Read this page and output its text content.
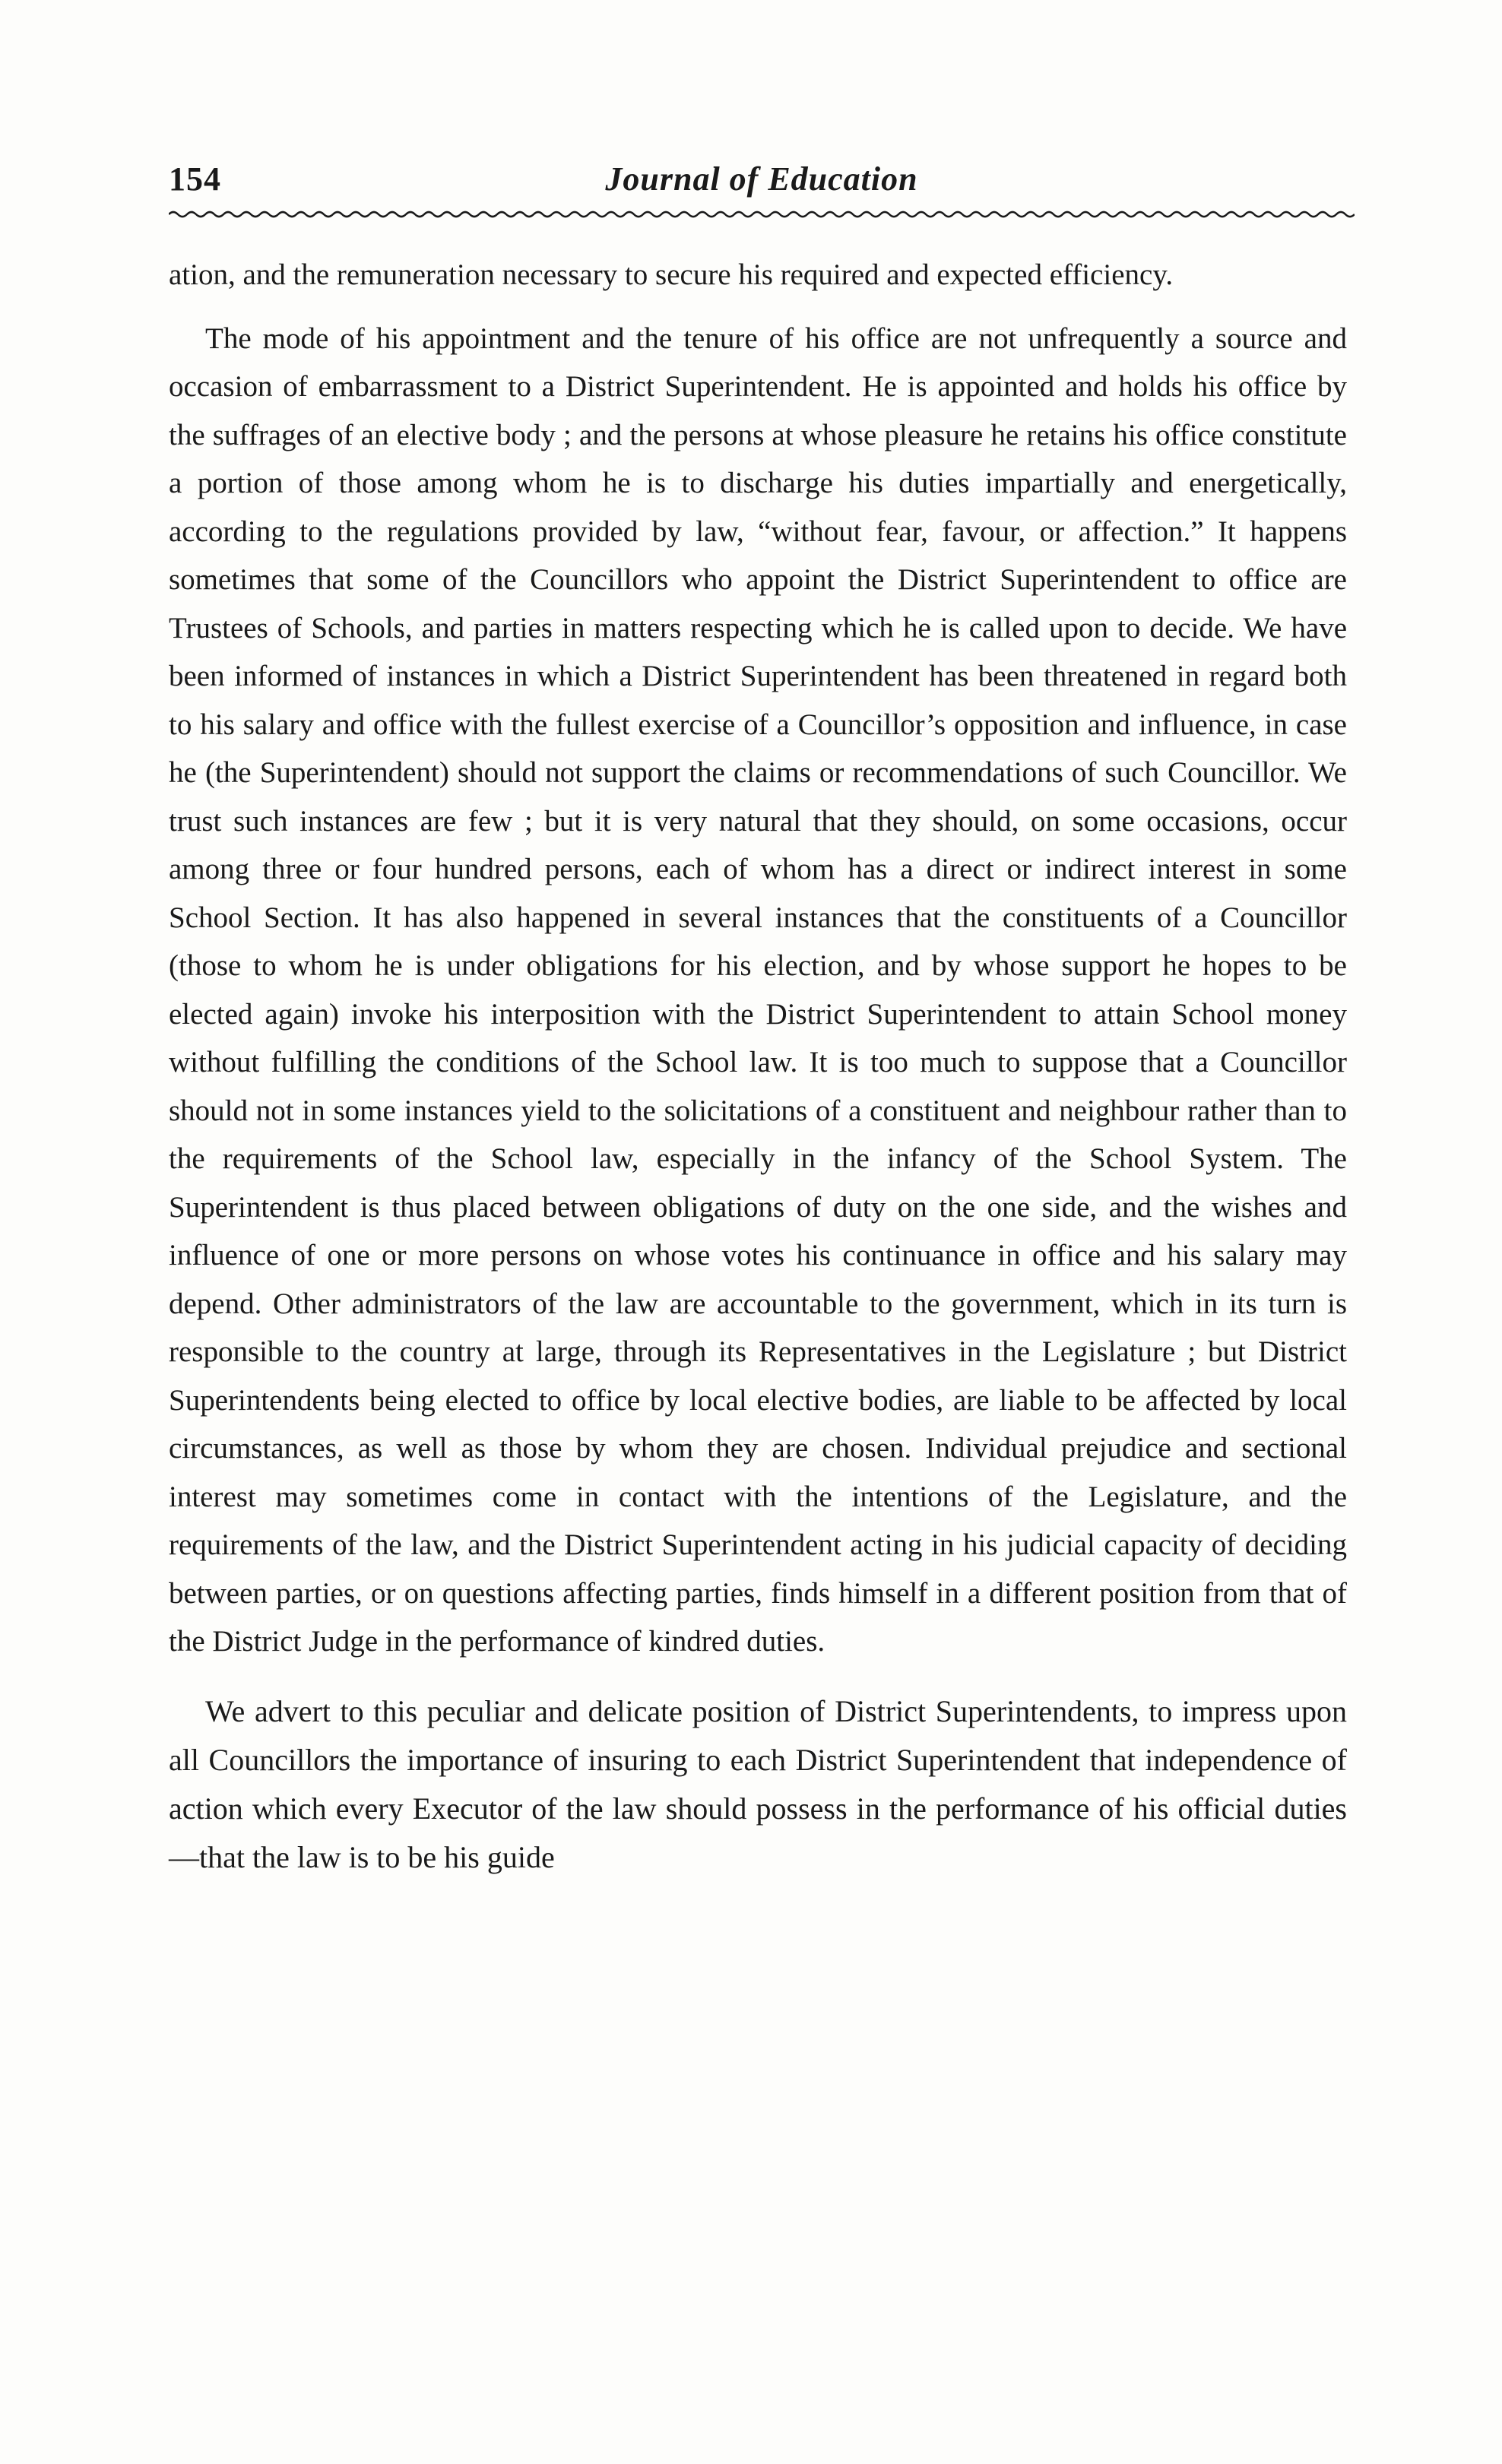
154	Journal of Education

ation, and the remuneration necessary to secure his required and expected efficiency.

The mode of his appointment and the tenure of his office are not unfrequently a source and occasion of embarrassment to a District Superintendent. He is appointed and holds his office by the suffrages of an elective body ; and the persons at whose pleasure he retains his office constitute a portion of those among whom he is to discharge his duties impartially and energetically, according to the regulations provided by law, “without fear, favour, or affection.” It happens sometimes that some of the Councillors who appoint the District Superintendent to office are Trustees of Schools, and parties in matters respecting which he is called upon to decide. We have been informed of instances in which a District Superintendent has been threatened in regard both to his salary and office with the fullest exercise of a Councillor’s opposition and influence, in case he (the Superintendent) should not support the claims or recommendations of such Councillor. We trust such instances are few ; but it is very natural that they should, on some occasions, occur among three or four hundred persons, each of whom has a direct or indirect interest in some School Section. It has also happened in several instances that the constituents of a Councillor (those to whom he is under obligations for his election, and by whose support he hopes to be elected again) invoke his interposition with the District Superintendent to attain School money without fulfilling the conditions of the School law. It is too much to suppose that a Councillor should not in some instances yield to the solicitations of a constituent and neighbour rather than to the requirements of the School law, especially in the infancy of the School System. The Superintendent is thus placed between obligations of duty on the one side, and the wishes and influence of one or more persons on whose votes his continuance in office and his salary may depend. Other administrators of the law are accountable to the government, which in its turn is responsible to the country at large, through its Representatives in the Legislature ; but District Superintendents being elected to office by local elective bodies, are liable to be affected by local circumstances, as well as those by whom they are chosen. Individual prejudice and sectional interest may sometimes come in contact with the intentions of the Legislature, and the requirements of the law, and the District Superintendent acting in his judicial capacity of deciding between parties, or on questions affecting parties, finds himself in a different position from that of the District Judge in the performance of kindred duties.

We advert to this peculiar and delicate position of District Superintendents, to impress upon all Councillors the importance of insuring to each District Superintendent that independence of action which every Executor of the law should possess in the performance of his official duties—that the law is to be his guide
